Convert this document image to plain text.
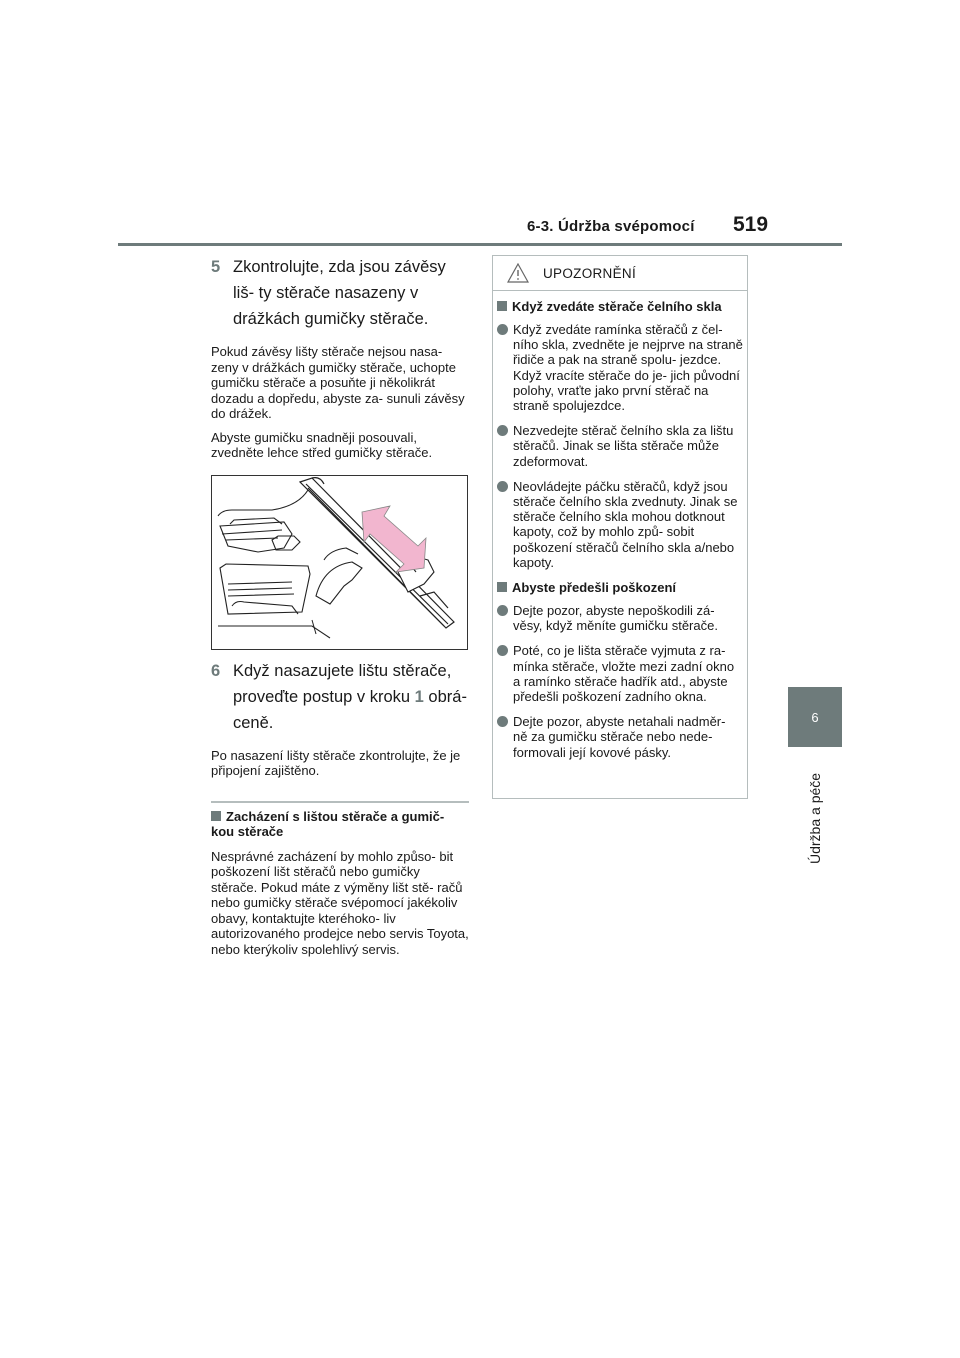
6-3. Údržba svépomocí 519
6
Údržba a péče
5 Zkontrolujte, zda jsou závěsy liš- ty stěrače nasazeny v drážkách gumičky stěrače.

Pokud závěsy lišty stěrače nejsou nasa- zeny v drážkách gumičky stěrače, uchopte gumičku stěrače a posuňte ji několikrát dozadu a dopředu, abyste za- sunuli závěsy do drážek.

Abyste gumičku snadněji posouvali, zvedněte lehce střed gumičky stěrače.

6 Když nasazujete lištu stěrače, proveďte postup v kroku 1 obrá- ceně.

Po nasazení lišty stěrače zkontrolujte, že je připojení zajištěno.

Zacházení s lištou stěrače a gumič- kou stěrače

Nesprávné zacházení by mohlo způso- bit poškození lišt stěračů nebo gumičky stěrače. Pokud máte z výměny lišt stě- račů nebo gumičky stěrače svépomocí jakékoliv obavy, kontaktujte kteréhoko- liv autorizovaného prodejce nebo servis Toyota, nebo kterýkoliv spolehlivý servis.

UPOZORNĚNÍ
Když zvedáte stěrače čelního skla
Když zvedáte ramínka stěračů z čel- ního skla, zvedněte je nejprve na straně řidiče a pak na straně spolu- jezdce. Když vracíte stěrače do je- jich původní polohy, vraťte jako první stěrač na straně spolujezdce.
Nezvedejte stěrač čelního skla za lištu stěračů. Jinak se lišta stěrače může zdeformovat.
Neovládejte páčku stěračů, když jsou stěrače čelního skla zvednuty. Jinak se stěrače čelního skla mohou dotknout kapoty, což by mohlo způ- sobit poškození stěračů čelního skla a/nebo kapoty.
Abyste předešli poškození
Dejte pozor, abyste nepoškodili zá- věsy, když měníte gumičku stěrače.
Poté, co je lišta stěrače vyjmuta z ra- mínka stěrače, vložte mezi zadní okno a ramínko stěrače hadřík atd., abyste předešli poškození zadního okna.
Dejte pozor, abyste netahali nadměr- ně za gumičku stěrače nebo nede- formovali její kovové pásky.
